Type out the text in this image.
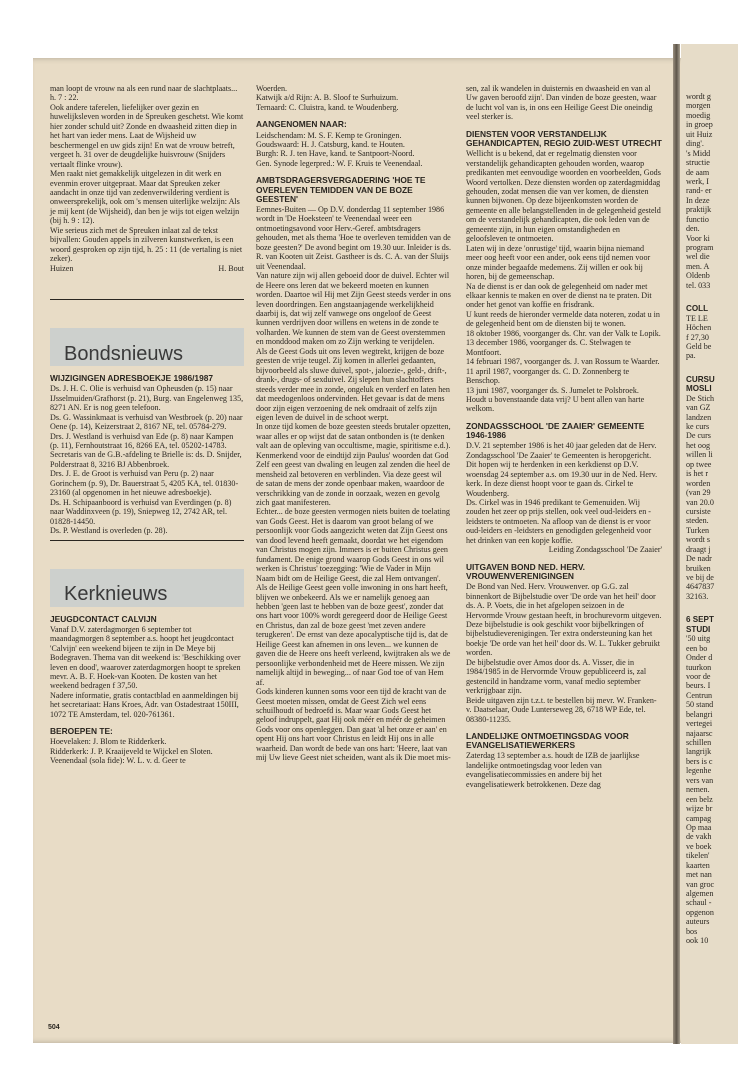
wordt g
morgen
moedig
in groep
uit Huiz
ding'.
's Midd
structie
de aam
werk, I
rand- er
In deze
praktijk
functio
den.
Voor ki
program
wel die
men. A
Oldenb
tel. 033
COLL
TE LE
Höchen
f 27,30
Geld be
pa.
CURSU
MOSLI
De Stich
van GZ
landzen
ke curs
De curs
het oog
willen li
op twee
is het r
worden
(van 29
van 20.0
cursiste
steden.
Turken
wordt s
draagt j
De nadr
bruiken
ve bij de
4647837
32163.
6 SEPT
STUDI
'50 uitg
een bo
Onder d
tuurkon
voor de
beurs. I
Centrun
50 stand
belangri
vertegei
najaarsc
schillen
langrijk
bers is c
legenhe
vers van
nemen.
een belz
wijze br
campag
Op maa
de vakh
ve boek
tikelen'
kaarten
met nan
van groc
algemen
schaul -
opgenon
auteurs
bos
ook 10

man loopt de vrouw na als een rund naar de slachtplaats... h. 7 : 22.

Ook andere taferelen, liefelijker over gezin en huwelijksleven worden in de Spreuken geschetst. Wie komt hier zonder schuld uit? Zonde en dwaasheid zitten diep in het hart van ieder mens. Laat de Wijsheid uw beschermengel en uw gids zijn! En wat de vrouw betreft, vergeet h. 31 over de deugdelijke huisvrouw (Snijders vertaalt flinke vrouw).

Men raakt niet gemakkelijk uitgelezen in dit werk en evenmin erover uitgepraat. Maar dat Spreuken zeker aandacht in onze tijd van zedenverwildering verdient is onweersprekelijk, ook om 's mensen uiterlijke welzijn: Als je mij kent (de Wijsheid), dan ben je wijs tot eigen welzijn (bij h. 9 : 12).

Wie serieus zich met de Spreuken inlaat zal de tekst bijvallen: Gouden appels in zilveren kunstwerken, is een woord gesproken op zijn tijd, h. 25 : 11 (de vertaling is niet zeker).

Huizen	H. Bout
Bondsnieuws
WIJZIGINGEN ADRESBOEKJE 1986/1987

Ds. J. H. C. Olie is verhuisd van Opheusden (p. 15) naar IJsselmuiden/Grafhorst (p. 21), Burg. van Engelenweg 135, 8271 AN. Er is nog geen telefoon.

Ds. G. Wassinkmaat is verhuisd van Westbroek (p. 20) naar Oene (p. 14), Keizerstraat 2, 8167 NE, tel. 05784-279.

Drs. J. Westland is verhuisd van Ede (p. 8) naar Kampen (p. 11), Fernhoutstraat 16, 8266 EA, tel. 05202-14783.

Secretaris van de G.B.-afdeling te Brielle is: ds. D. Snijder, Polderstraat 8, 3216 BJ Abbenbroek.

Drs. J. E. de Groot is verhuisd van Peru (p. 2) naar Gorinchem (p. 9), Dr. Bauerstraat 5, 4205 KA, tel. 01830-23160 (al opgenomen in het nieuwe adresboekje).

Ds. H. Schipaanboord is verhuisd van Everdingen (p. 8) naar Waddinxveen (p. 19), Sniepweg 12, 2742 AR, tel. 01828-14450.

Ds. P. Westland is overleden (p. 28).

Kerknieuws
JEUGDCONTACT CALVIJN

Vanaf D.V. zaterdagmorgen 6 september tot maandagmorgen 8 september a.s. hoopt het jeugdcontact 'Calvijn' een weekend bijeen te zijn in De Meye bij Bodegraven. Thema van dit weekend is: 'Beschikking over leven en dood', waarover zaterdagmorgen hoopt te spreken mevr. A. B. F. Hoek-van Kooten. De kosten van het weekend bedragen f 37,50.

Nadere informatie, gratis contactblad en aanmeldingen bij het secretariaat: Hans Kroes, Adr. van Ostadestraat 150III, 1072 TE Amsterdam, tel. 020-761361.

BEROEPEN TE:

Hoevelaken: J. Blom te Ridderkerk.

Ridderkerk: J. P. Kraaijeveld te Wijckel en Sloten.

Veenendaal (sola fide): W. L. v. d. Geer te

Woerden.

Katwijk a/d Rijn: A. B. Sloof te Surhuizum.

Ternaard: C. Cluistra, kand. te Woudenberg.

AANGENOMEN NAAR:

Leidschendam: M. S. F. Kemp te Groningen.

Goudswaard: H. J. Catsburg, kand. te Houten.

Burgh: R. J. ten Have, kand. te Santpoort-Noord.

Gen. Synode legerpred.: W. F. Kruis te Veenendaal.

AMBTSDRAGERSVERGADERING 'HOE TE OVERLEVEN TEMIDDEN VAN DE BOZE GEESTEN'

Eemnes-Buiten — Op D.V. donderdag 11 september 1986 wordt in 'De Hoeksteen' te Veenendaal weer een ontmoetingsavond voor Herv.-Geref. ambtsdragers gehouden, met als thema 'Hoe te overleven temidden van de boze geesten?' De avond begint om 19.30 uur. Inleider is ds. R. van Kooten uit Zeist. Gastheer is ds. C. A. van der Sluijs uit Veenendaal.

Van nature zijn wij allen geboeid door de duivel. Echter wil de Heere ons leren dat we bekeerd moeten en kunnen worden. Daartoe wil Hij met Zijn Geest steeds verder in ons leven doordringen. Een angstaanjagende werkelijkheid daarbij is, dat wij zelf vanwege ons ongeloof de Geest kunnen verdrijven door willens en wetens in de zonde te volharden. We kunnen de stem van de Geest overstemmen en monddood maken om zo Zijn werking te verijdelen.

Als de Geest Gods uit ons leven wegtrekt, krijgen de boze geesten de vrije teugel. Zij komen in allerlei gedaanten, bijvoorbeeld als sluwe duivel, spot-, jaloezie-, geld-, drift-, drank-, drugs- of sexduivel. Zij slepen hun slachtoffers steeds verder mee in zonde, ongeluk en verderf en laten hen dat meedogenloos ondervinden. Het gevaar is dat de mens door zijn eigen verzoening de nek omdraait of zelfs zijn eigen leven de duivel in de schoot werpt.

In onze tijd komen de boze geesten steeds brutaler opzetten, waar alles er op wijst dat de satan ontbonden is (te denken valt aan de opleving van occultisme, magie, spiritisme e.d.). Kenmerkend voor de eindtijd zijn Paulus' woorden dat God Zelf een geest van dwaling en leugen zal zenden die heel de mensheid zal betoveren en verblinden. Via deze geest wil de satan de mens der zonde openbaar maken, waardoor de verschrikking van de zonde in oorzaak, wezen en gevolg zich gaat manifesteren.

Echter... de boze geesten vermogen niets buiten de toelating van Gods Geest. Het is daarom van groot belang of we persoonlijk voor Gods aangezicht weten dat Zijn Geest ons van dood levend heeft gemaakt, doordat we het eigendom van Christus mogen zijn. Immers is er buiten Christus geen fundament. De enige grond waarop Gods Geest in ons wil werken is Christus' toezegging: 'Wie de Vader in Mijn Naam bidt om de Heilige Geest, die zal Hem ontvangen'.

Als de Heilige Geest geen volle inwoning in ons hart heeft, blijven we onbekeerd. Als we er namelijk genoeg aan hebben 'geen last te hebben van de boze geest', zonder dat ons hart voor 100% wordt geregeerd door de Heilige Geest en Christus, dan zal de boze geest 'met zeven andere terugkeren'. De ernst van deze apocalyptische tijd is, dat de Heilige Geest kan afnemen in ons leven... we kunnen de gaven die de Heere ons heeft verleend, kwijtraken als we de persoonlijke verbondenheid met de Heere missen. We zijn namelijk altijd in beweging... of naar God toe of van Hem af.

Gods kinderen kunnen soms voor een tijd de kracht van de Geest moeten missen, omdat de Geest Zich wel eens schuilhoudt of bedroefd is. Maar waar Gods Geest het geloof indruppelt, gaat Hij ook méér en méér de geheimen Gods voor ons openleggen. Dan gaat 'al het onze er aan' en opent Hij ons hart voor Christus en leidt Hij ons in alle waarheid. Dan wordt de bede van ons hart: 'Heere, laat van mij Uw lieve Geest niet scheiden, want als ik Die moet mis-

sen, zal ik wandelen in duisternis en dwaasheid en van al Uw gaven beroofd zijn'. Dan vinden de boze geesten, waar de lucht vol van is, in ons een Heilige Geest Die oneindig veel sterker is.

DIENSTEN VOOR VERSTANDELIJK GEHANDICAPTEN, REGIO ZUID-WEST UTRECHT

Wellicht is u bekend, dat er regelmatig diensten voor verstandelijk gehandicapten gehouden worden, waarop predikanten met eenvoudige woorden en voorbeelden, Gods Woord vertolken. Deze diensten worden op zaterdagmiddag gehouden, zodat mensen die van ver komen, de diensten kunnen bijwonen. Op deze bijeenkomsten worden de gemeente en alle belangstellenden in de gelegenheid gesteld om de verstandelijk gehandicapten, die ook leden van de gemeente zijn, in hun eigen omstandigheden en geloofsleven te ontmoeten.

Laten wij in deze 'onrustige' tijd, waarin bijna niemand meer oog heeft voor een ander, ook eens tijd nemen voor onze minder begaafde medemens. Zij willen er ook bij horen, bij de gemeenschap.

Na de dienst is er dan ook de gelegenheid om nader met elkaar kennis te maken en over de dienst na te praten. Dit onder het genot van koffie en frisdrank.

U kunt reeds de hieronder vermelde data noteren, zodat u in de gelegenheid bent om de diensten bij te wonen.

18 oktober 1986, voorganger ds. Chr. van der Valk te Lopik.

13 december 1986, voorganger ds. C. Stelwagen te Montfoort.

14 februari 1987, voorganger ds. J. van Rossum te Waarder.

11 april 1987, voorganger ds. C. D. Zonnenberg te Benschop.

13 juni 1987, voorganger ds. S. Jumelet te Polsbroek.

Houdt u bovenstaande data vrij? U bent allen van harte welkom.

ZONDAGSSCHOOL 'DE ZAAIER' GEMEENTE 1946-1986

D.V. 21 september 1986 is het 40 jaar geleden dat de Herv. Zondagsschool 'De Zaaier' te Gemeenten is heropgericht. Dit hopen wij te herdenken in een kerkdienst op D.V. woensdag 24 september a.s. om 19.30 uur in de Ned. Herv. kerk. In deze dienst hoopt voor te gaan ds. Cirkel te Woudenberg.

Ds. Cirkel was in 1946 predikant te Gemenuiden. Wij zouden het zeer op prijs stellen, ook veel oud-leiders en -leidsters te ontmoeten. Na afloop van de dienst is er voor oud-leiders en -leidsters en genodigden gelegenheid voor het drinken van een kopje koffie.

Leiding Zondagsschool 'De Zaaier'

UITGAVEN BOND NED. HERV. VROUWENVERENIGINGEN

De Bond van Ned. Herv. Vrouwenver. op G.G. zal binnenkort de Bijbelstudie over 'De orde van het heil' door ds. A. P. Voets, die in het afgelopen seizoen in de Hervormde Vrouw gestaan heeft, in brochurevorm uitgeven. Deze bijbelstudie is ook geschikt voor bijbelkringen of bijbelstudieverenigingen. Ter extra ondersteuning kan het boekje 'De orde van het heil' door ds. W. L. Tukker gebruikt worden.

De bijbelstudie over Amos door ds. A. Visser, die in 1984/1985 in de Hervormde Vrouw gepubliceerd is, zal gestencild in handzame vorm, vanaf medio september verkrijgbaar zijn.

Beide uitgaven zijn t.z.t. te bestellen bij mevr. W. Franken-v. Daatselaar, Oude Lunterseweg 28, 6718 WP Ede, tel. 08380-11235.

LANDELIJKE ONTMOETINGSDAG VOOR EVANGELISATIEWERKERS

Zaterdag 13 september a.s. houdt de IZB de jaarlijkse landelijke ontmoetingsdag voor leden van evangelisatiecommissies en andere bij het evangelisatiewerk betrokkenen. Deze dag

504
